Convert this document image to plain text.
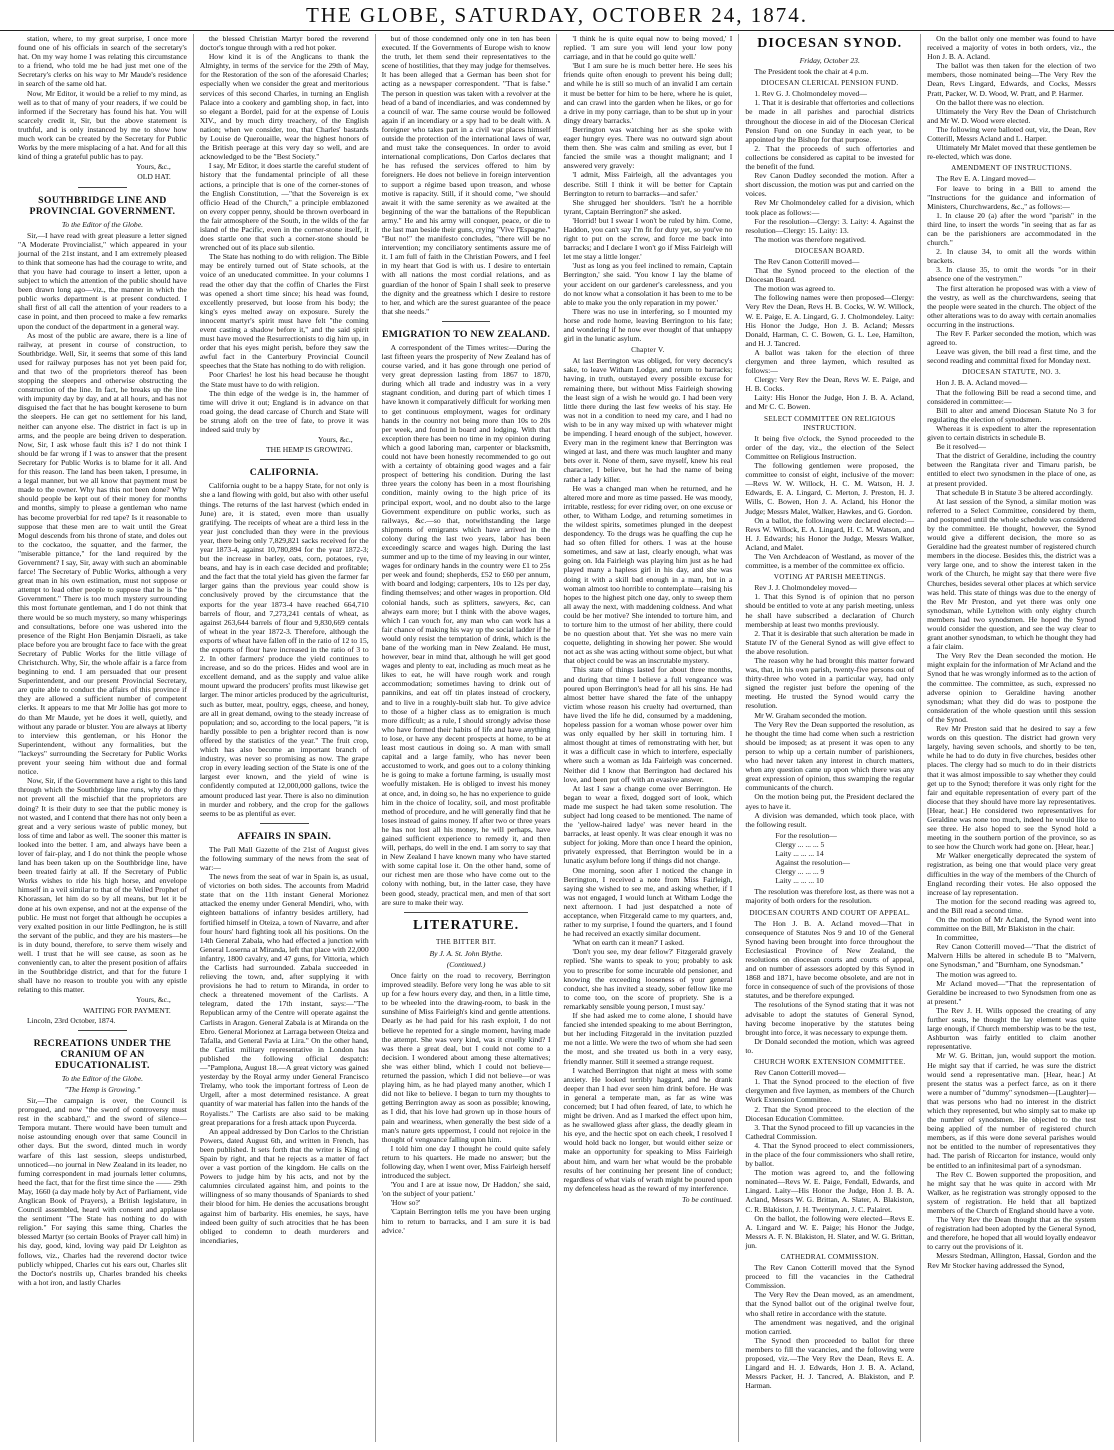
THE GLOBE, SATURDAY, OCTOBER 24, 1874.

station, where, to my great surprise, I once more found one of his officials in search of the secretary's hat. On my way home I was relating this circumstance to a friend, who told me he had just met one of the Secretary's clerks on his way to Mr Maude's residence in search of the same old hat.

Now, Mr Editor, it would be a relief to my mind, as well as to that of many of your readers, if we could be informed if the Secretary has found his hat. You will scarcely credit it, Sir, but the above statement is truthful, and is only instanced by me to show how much work can be created by the Secretary for Public Works by the mere misplacing of a hat. And for all this kind of thing a grateful public has to pay.

Yours, &c.,
OLD HAT.
SOUTHBRIDGE LINE AND PROVINCIAL GOVERNMENT.
To the Editor of the Globe.

Sir,—I have read with great pleasure a letter signed "A Moderate Provincialist," which appeared in your journal of the 21st instant, and I am extremely pleased to think that someone has had the courage to write, and that you have had courage to insert a letter, upon a subject to which the attention of the public should have been drawn long ago—viz., the manner in which the public works department is at present conducted. I shall first of all call the attention of your readers to a case in point, and then proceed to make a few remarks upon the conduct of the department in a general way.

As most of the public are aware, there is a line of railway, at present in course of construction, to Southbridge. Well, Sir, it seems that some of this land used for railway purposes has not yet been paid for, and that two of the proprietors thereof has been stopping the sleepers and otherwise obstructing the construction of the line. In fact, he breaks up the line with impunity day by day, and at all hours, and has not disguised the fact that he has bought kerosene to burn the sleepers. He can get no settlement for his land, neither can anyone else. The district in fact is up in arms, and the people are being driven to desperation. Now, Sir, I ask whose fault this is? I do not think I should be far wrong if I was to answer that the present Secretary for Public Works is to blame for it all. And for this reason. The land has been taken, I presume, in a legal manner, but we all know that payment must be made to the owner. Why has this not been done? Why should people be kept out of their money for months and months, simply to please a gentleman who name has become proverbial for red tape? Is it reasonable to suppose that these men are to wait until the Great Mogul descends from his throne of state, and doles out to the cockatoo, the squatter, and the farmer, the "miserable pittance," for the land required by the Government? I say, Sir, away with such an abominable farce! The Secretary of Public Works, although a very great man in his own estimation, must not suppose or attempt to lead other people to suppose that he is "the Government." There is too much mystery surrounding this most fortunate gentleman, and I do not think that there would be so much mystery, so many whisperings and consultations, before one was ushered into the presence of the Right Hon Benjamin Disraeli, as take place before you are brought face to face with the great Secretary of Public Works for the little village of Christchurch. Why, Sir, the whole affair is a farce from beginning to end. I am persuaded that our present Superintendent, and our present Provincial Secretary, are quite able to conduct the affairs of this province if they are allowed a sufficient number of competent clerks. It appears to me that Mr Jollie has got more to do than Mr Maude, yet he does it well, quietly, and without any parade or bluster. You are always at liberty to interview this gentleman, or his Honor the Superintendent, without any formalities, but the "lackeys" surrounding the Secretary for Public Works prevent your seeing him without due and formal notice.

Now, Sir, if the Government have a right to this land through which the Southbridge line runs, why do they not prevent all the mischief that the proprietors are doing? It is their duty to see that the public money is not wasted, and I contend that there has not only been a great and a very serious waste of public money, but loss of time and labor as well. The sooner this matter is looked into the better. I am, and always have been a lover of fair-play, and I do not think the people whose land has been taken up on the Southbridge line, have been treated fairly at all. If the Secretary of Public Works wishes to ride his high horse, and envelope himself in a veil similar to that of the Veiled Prophet of Khorassan, let him do so by all means, but let it be done at his own expense, and not at the expense of the public. He must not forget that although he occupies a very exalted position in our little Pedlington, he is still the servant of the public, and they are his masters—he is in duty bound, therefore, to serve them wisely and well. I trust that he will see cause, as soon as he conveniently can, to alter the present position of affairs in the Southbridge district, and that for the future I shall have no reason to trouble you with any epistle relating to this matter.

Yours, &c.,
WAITING FOR PAYMENT.

Lincoln, 23rd October, 1874.

RECREATIONS UNDER THE CRANIUM OF AN EDUCATIONALIST.
To the Editor of the Globe.
"The Hemp is Growing."

Sir,—The campaign is over, the Council is prorogued, and now "the sword of controversy must rest in the scabbard," and the sword of silence—Tempora mutant. There would have been tumult and noise astounding enough over that same Council in other days. But the sword, dinted much in wordy warfare of this last session, sleeps undisturbed, unnoticed—no journal in New Zealand in its leader, no fuming correspondent in mad journals letter columns, heed the fact, that for the first time since the —— 29th May, 1660 (a day made holy by Act of Parliament, vide Anglican Book of Prayers), a British legislature, in Council assembled, heard with consent and applause the sentiment "The State has nothing to do with religion." For saying this same thing, Charles the blessed Martyr (so certain Books of Prayer call him) in his day, good, kind, loving way paid Dr Leighton as follows, viz., Charles had the reverend doctor twice publicly whipped, Charles cut his ears out, Charles slit the Doctor's nostrils up, Charles branded his cheeks with a hot iron, and lastly Charles

the blessed Christian Martyr bored the reverend doctor's tongue through with a red hot poker.

How kind it is of the Anglicans to thank the Almighty, in terms of the service for the 29th of May, for the Restoration of the son of the aforesaid Charles; especially when we consider the great and meritorious services of this second Charles, in turning an English Palace into a cookery and gambling shop, in fact, into so elegant a Bordel, paid for at the expense of Louis XIV., and by much dirty treachery, of the English nation; when we consider, too, that Charles' bastards by Louise de Querouaille, wear the highest honors of the British peerage at this very day so well, and are acknowledged to be the "Best Society."

I say, Mr Editor, it does startle the careful student of history that the fundamental principle of all these actions, a principle that is one of the corner-stones of the English Constitution, —"that the Sovereign is ex officio Head of the Church," a principle emblazoned on every copper penny, should be thrown overboard in the fair atmosphere of the South, in the wilds of the far island of the Pacific, even in the corner-stone itself, it does startle one that such a corner-stone should be wrenched out of its place sub silentio.

The State has nothing to do with religion. The Bible may be entirely turned out of State schools, at the voice of an uneducated committee. In your columns I read the other day that the coffin of Charles the First was opened a short time since; his head was found, excellently preserved, but loose from his body; the king's eyes melted away on exposure. Surely the innocent martyr's spirit must have felt "the coming event casting a shadow before it," and the said spirit must have moved the Resurrectionists to dig him up, in order that his eyes might perish, before they saw the awful fact in the Canterbury Provincial Council speeches that the State has nothing to do with religion.

Poor Charles! he lost his head because he thought the State must have to do with religion.

The thin edge of the wedge is in, the hammer of time will drive it out; England is in advance on that road going, the dead carcase of Church and State will be strung aloft on the tree of fate, to prove it was indeed said truly by

Yours, &c.,
THE HEMP IS GROWING.
CALIFORNIA.

California ought to be a happy State, for not only is she a land flowing with gold, but also with other useful things. The returns of the last harvest (which ended in June) are, it is stated, even more than usually gratifying. The receipts of wheat are a third less in the year just concluded than they were in the previous year, there being only 7,829,821 sacks received for the year 1873-4, against 10,780,894 for the year 1872-3; but the increase in barley, oats, corn, potatoes, rye, beans, and hay is in each case decided and profitable; and the fact that the total yield has given the farmer far larger gains than the previous year could show is conclusively proved by the circumstance that the exports for the year 1873-4 have reached 664,710 barrels of flour, and 7,273,241 centals of wheat, as against 263,644 barrels of flour and 9,830,669 centals of wheat in the year 1872-3. Therefore, although the exports of wheat have fallen off in the ratio of 12 to 15, the exports of flour have increased in the ratio of 3 to 2. In other farmers' produce the yield continues to increase, and so do the prices. Hides and wool are in excellent demand, and as the supply and value alike mount upward the producers' profits must likewise get larger. The minor articles produced by the agriculturist, such as butter, meat, poultry, eggs, cheese, and honey, are all in great demand, owing to the steady increase of population; and so, according to the local papers, "it is hardly possible to pen a brighter record than is now offered by the statistics of the year." The fruit crop, which has also become an important branch of industry, was never so promising as now. The grape crop in every leading section of the State is one of the largest ever known, and the yield of wine is confidently computed at 12,000,000 gallons, twice the amount produced last year. There is also no diminution in murder and robbery, and the crop for the gallows seems to be as plentiful as ever.

AFFAIRS IN SPAIN.

The Pall Mall Gazette of the 21st of August gives the following summary of the news from the seat of war:—

The news from the seat of war in Spain is, as usual, of victories on both sides. The accounts from Madrid state that on the 11th instant General Morionez attacked the enemy under General Mendiri, who, with eighteen battalions of infantry besides artillery, had fortified himself in Oteiza, a town of Navarre, and after four hours' hard fighting took all his positions. On the 14th General Zabala, who had effected a junction with General Loserna at Miranda, left that place with 22,000 infantry, 1800 cavalry, and 47 guns, for Vittoria, which the Carlists had surrounded. Zabala succeeded in relieving the town, and, after supplying it with provisions he had to return to Miranda, in order to check a threatened movement of the Carlists. A telegram, dated the 17th instant, says:—"The Republican army of the Centre will operate against the Carlists in Aragon. General Zabala is at Miranda on the Ebro. General Morionez at Larraga between Oteiza and Tafalla, and General Pavia at Lira." On the other hand, the Carlist military representative in London has published the following official despatch:—"Pamplona, August 18.—A great victory was gained yesterday by the Royal army under General Francisco Trelamy, who took the important fortress of Leon de Urgell, after a most determined resistance. A great quantity of war material has fallen into the hands of the Royalists." The Carlists are also said to be making great preparations for a fresh attack upon Puycerda.

An appeal addressed by Don Carlos to the Christian Powers, dated August 6th, and written in French, has been published. It sets forth that the writer is King of Spain by right, and that he rejects as a matter of fact over a vast portion of the kingdom. He calls on the Powers to judge him by his acts, and not by the calumnies circulated against him, and points to the willingness of so many thousands of Spaniards to shed their blood for him. He denies the accusations brought against him of barbarity. His enemies, he says, have indeed been guilty of such atrocities that he has been obliged to condemn to death murderers and incendiaries,

but of those condemned only one in ten has been executed. If the Governments of Europe wish to know the truth, let them send their representatives to the scene of hostilities, that they may judge for themselves. It has been alleged that a German has been shot for acting as a newspaper correspondent. "That is false." The person in question was taken with a revolver at the head of a band of incendiaries, and was condemned by a council of war. The same course would be followed again if an incendiary or a spy had to be dealt with. A foreigner who takes part in a civil war places himself outside the protection of the international laws of war, and must take the consequences. In order to avoid international complications, Don Carlos declares that he has refused the services offered to him by foreigners. He does not believe in foreign intervention to support a régime based upon treason, and whose motive is rapacity. Still, if it should come, "we should await it with the same serenity as we awaited at the beginning of the war the battalions of the Republican army." He and his army will conquer, peace, or die to the last man beside their guns, crying "Vive l'Espagne." "But no!" the manifesto concludes, "there will be no intervention; my conciliatory sentiments assure me of it. I am full of faith in the Christian Powers, and I feel in my heart that God is with us. I desire to entertain with all nations the most cordial relations, and as guardian of the honor of Spain I shall seek to preserve the dignity and the greatness which I desire to restore to her, and which are the surest guarantee of the peace that she needs."

EMIGRATION TO NEW ZEALAND.

A correspondent of the Times writes:—During the last fifteen years the prosperity of New Zealand has of course varied, and it has gone through one period of very great depression lasting from 1867 to 1870, during which all trade and industry was in a very stagnant condition, and during part of which times I have known it comparatively difficult for working men to get continuous employment, wages for ordinary hands in the country not being more than 10s to 20s per week, and found in board and lodging. With that exception there has been no time in my opinion during which a good laboring man, carpenter or blacksmith, could not have been honestly recommended to go out with a certainty of obtaining good wages and a fair prospect of bettering his condition. During the last three years the colony has been in a most flourishing condition, mainly owing to the high price of its principal export, wool, and no doubt also to the large Government expenditure on public works, such as railways, &c.—so that, notwithstanding the large shipments of emigrants which have arrived in the colony during the last two years, labor has been exceedingly scarce and wages high. During the last summer and up to the time of my leaving in our winter, wages for ordinary hands in the country were £1 to 25s per week and found; shepherds, £52 to £60 per annum, with board and lodging; carpenters, 10s to 12s per day, finding themselves; and other wages in proportion. Old colonial hands, such as splitters, sawyers, &c, can always earn more; but I think with the above wages, which I can vouch for, any man who can work has a fair chance of making his way up the social ladder if he would only resist the temptation of drink, which is the bane of the working man in New Zealand. He must, however, bear in mind that, although he will get good wages and plenty to eat, including as much meat as he likes to eat, he will have rough work and rough accommodation; sometimes having to drink out of pannikins, and eat off tin plates instead of crockery, and to live in a roughly-built slab hut. To give advice to those of a higher class as to emigration is much more difficult; as a rule, I should strongly advise those who have formed their habits of life and have anything to lose, or have any decent prospects at home, to be at least most cautious in doing so. A man with small capital and a large family, who has never been accustomed to work, and goes out to a colony thinking he is going to make a fortune farming, is usually most woefully mistaken. He is obliged to invest his money at once, and, in doing so, he has no experience to guide him in the choice of locality, soil, and most profitable method of procedure, and he will generally find that he loses instead of gains money. If after two or three years he has not lost all his money, he will perhaps, have gained sufficient experience to remedy it, and then will, perhaps, do well in the end. I am sorry to say that in New Zealand I have known many who have started with some capital lose it. On the other hand, some of our richest men are those who have come out to the colony with nothing, but, in the latter case, they have been good, steady, practical men, and men of that sort are sure to make their way.

LITERATURE.
THE BITTER BIT.
By J. A. St. John Blythe.
(Continued.)

Once fairly on the road to recovery, Berrington improved steadily. Before very long he was able to sit up for a few hours every day, and then, in a little time, to be wheeled into the drawing-room, to bask in the sunshine of Miss Fairleigh's kind and gentle attentions. Dearly as he had paid for his rash exploit, I do not believe he repented for a single moment, having made the attempt. She was very kind, was it cruelly kind? I was there a great deal, but I could not come to a decision. I wondered about among these alternatives; she was either blind, which I could not believe—returned the passion, which I did not believe—or was playing him, as he had played many another, which I did not like to believe. I began to turn my thoughts to getting Berrington away as soon as possible; knowing, as I did, that his love had grown up in those hours of pain and weariness, when generally the best side of a man's nature gets uppermost, I could not rejoice in the thought of vengeance falling upon him.

I told him one day I thought he could quite safely return to his quarters. He made no answer; but the following day, when I went over, Miss Fairleigh herself introduced the subject.

'You and I are at issue now, Dr Haddon,' she said, 'on the subject of your patient.'

'How so?'

'Captain Berrington tells me you have been urging him to return to barracks, and I am sure it is bad advice.'

'I think he is quite equal now to being moved,' I replied. 'I am sure you will lend your low pony carriage, and in that he could go quite well.'

'But I am sure he is much better here. He sees his friends quite often enough to prevent his being dull; and while he is still so much of an invalid I am certain it must be better for him to be here, where he is quiet, and can crawl into the garden when he likes, or go for a drive in my pony carriage, than to be shut up in your dingy dreary barracks.'

Berrington was watching her as she spoke with eager hungry eyes. There was no outward sign about them then. She was calm and smiling as ever, but I fancied the smile was a thought malignant; and I answered very gravely:

'I admit, Miss Fairleigh, all the advantages you describe. Still I think it will be better for Captain Berrington to return to barracks—and safer.'

She shrugged her shoulders. 'Isn't he a horrible tyrant, Captain Berrington?' she asked.

'Horrid! but I swear I won't be ruled by him. Come, Haddon, you can't say I'm fit for duty yet, so you've no right to put on the screw, and force me back into barracks; and I declare I won't go if Miss Fairleigh will let me stay a little longer.'

'Just as long as you feel inclined to remain, Captain Berrington,' she said. 'You know I lay the blame of your accident on our gardener's carelessness, and you do not know what a consolation it has been to me to be able to make you the only reparation in my power.'

There was no use in interfering, so I mounted my horse and rode home, leaving Berrington to his fate; and wondering if he now ever thought of that unhappy girl in the lunatic asylum.

Chapter V.

At last Berrington was obliged, for very decency's sake, to leave Witham Lodge, and return to barracks; having, in truth, outstayed every possible excuse for remaining there, but without Miss Fairleigh showing the least sign of a wish he would go. I had been very little there during the last few weeks of his stay. He was not in a condition to need my care, and I had no wish to be in any way mixed up with whatever might be impending. I heard enough of the subject, however. Every man in the regiment knew that Berrington was winged at last, and there was much laughter and many bets over it. None of them, save myself, knew his real character, I believe, but he had the name of being rather a lady killer.

He was a changed man when he returned, and he altered more and more as time passed. He was moody, irritable, restless; for ever riding over, on one excuse or other, to Witham Lodge, and returning sometimes in the wildest spirits, sometimes plunged in the deepest despondency. To the drugs was he quaffing the cup he had so often filled for others. I was at the house sometimes, and saw at last, clearly enough, what was going on. Ida Fairleigh was playing him just as he had played many a hapless girl in his day, and she was doing it with a skill bad enough in a man, but in a woman almost too horrible to contemplate—raising his hopes to the highest pitch one day, only to sweep them all away the next, with maddening coldness. And what could be her motive? She intended to torture him, and to torture him to the utmost of her ability, there could be no question about that. Yet she was no mere vain coquette, delighting in showing her power. She would not act as she was acting without some object, but what that object could be was an inscrutable mystery.

This state of things lasted for about three months, and during that time I believe a full vengeance was poured upon Berrington's head for all his sins. He had almost better have shared the fate of the unhappy victim whose reason his cruelty had overturned, than have lived the life he did, consumed by a maddening, hopeless passion for a woman whose power over him was only equalled by her skill in torturing him. I almost thought at times of remonstrating with her, but it was a difficult case in which to interfere, especially where such a woman as Ida Fairleigh was concerned. Neither did I know that Berrington had declared his love, and been put off with an evasive answer.

At last I saw a change come over Berrington. He began to wear a fixed, dogged sort of look, which made me suspect he had taken some resolution. The subject had long ceased to be mentioned. The name of the 'yellow-haired ladye' was never heard in the barracks, at least openly. It was clear enough it was no subject for joking. More than once I heard the opinion, privately expressed, that Berrington would be in a lunatic asylum before long if things did not change.

One morning, soon after I noticed the change in Berrington, I received a note from Miss Fairleigh, saying she wished to see me, and asking whether, if I was not engaged, I would lunch at Witham Lodge the next afternoon. I had just despatched a note of acceptance, when Fitzgerald came to my quarters, and, rather to my surprise, I found the quarters, and I found he had received an exactly similar document.

'What on earth can it mean?' I asked.

'Don't you see, my dear fellow?' Fitzgerald gravely replied. 'She wants to speak to you; probably to ask you to prescribe for some incurable old pensioner, and knowing the exceeding looseness of your general conduct, she has invited a steady, sober fellow like me to come too, on the score of propriety. She is a remarkably sensible young person, I must say.'

If she had asked me to come alone, I should have fancied she intended speaking to me about Berrington, but her including Fitzgerald in the invitation puzzled me not a little. We were the two of whom she had seen the most, and she treated us both in a very easy, friendly manner. Still it seemed a strange request.

I watched Berrington that night at mess with some anxiety. He looked terribly haggard, and he drank deeper than I had ever seen him drink before. He was in general a temperate man, as far as wine was concerned; but I had often feared, of late, to which he might be driven. And as I marked the effect upon him, as he swallowed glass after glass, the deadly gleam in his eye, and the hectic spot on each cheek, I resolved I would hold back no longer, but would either seize or make an opportunity for speaking to Miss Fairleigh about him, and warn her what would be the probable results of her continuing her present line of conduct; regardless of what vials of wrath might be poured upon my defenceless head as the reward of my interference.

To be continued.
DIOCESAN SYNOD.
Friday, October 23.

The President took the chair at 4 p.m.

DIOCESAN CLERICAL PENSION FUND.

1. Rev G. J. Cholmondeley moved—

1. That it is desirable that offertories and collections be made in all parishes and parochial districts throughout the diocese in aid of the Diocesan Clerical Pension Fund on one Sunday in each year, to be appointed by the Bishop for that purpose.

2. That the proceeds of such offertories and collections be considered as capital to be invested for the benefit of the fund.

Rev Canon Dudley seconded the motion. After a short discussion, the motion was put and carried on the voices.

Rev Mr Cholmondeley called for a division, which took place as follows:—

For the resolution—Clergy: 3. Laity: 4. Against the resolution—Clergy: 15. Laity: 13.

The motion was therefore negatived.

DIOCESAN BOARD.

The Rev Canon Cotterill moved—

That the Synod proceed to the election of the Diocesan Board.

The motion was agreed to.

The following names were then proposed—Clergy: Very Rev the Dean, Revs H. B. Cocks, W. W. Willock, W. E. Paige, E. A. Lingard, G. J. Cholmondeley. Laity: His Honor the Judge, Hon J. B. Acland; Messrs Donald, Harman, C. C. Bowen, G. L. Lee, Hamilton, and H. J. Tancred.

A ballot was taken for the election of three clergymen and three laymen, which resulted as follows:—

Clergy: Very Rev the Dean, Revs W. E. Paige, and H. B. Cocks.

Laity: His Honor the Judge, Hon J. B. A. Acland, and Mr C. C. Bowen.

SELECT COMMITTEE ON RELIGIOUS INSTRUCTION.

It being five o'clock, the Synod proceeded to the order of the day, viz., the election of the Select Committee on Religious Instruction.

The following gentlemen were proposed, the committee to consist of eight, inclusive of the mover:—Revs W. W. Willock, H. C. M. Watson, H. J. Edwards, E. A. Lingard, C. Merton, J. Preston, H. J. Wills, C. Bowen, Hon J. A. Acland, his Honor the Judge; Messrs Malet, Walker, Hawkes, and G. Gordon.

On a ballot, the following were declared elected:—Revs W. Willock, E. A. Lingard, H. C. M. Watson, and H. J. Edwards; his Honor the Judge, Messrs Walker, Acland, and Malet.

The Ven Archdeacon of Westland, as mover of the committee, is a member of the committee ex officio.

VOTING AT PARISH MEETINGS.

Rev J. J. Cholmondeley moved—

1. That this Synod is of opinion that no person should be entitled to vote at any parish meeting, unless he shall have subscribed a declaration of Church membership at least two months previously.

2. That it is desirable that such alteration be made in Statute IV of the General Synod as will give effect to the above resolution.

The reason why he had brought this matter forward was, that, in his own parish, twenty-five persons out of thirty-three who voted in a particular way, had only signed the register just before the opening of the meeting. He trusted the Synod would carry the resolution.

Mr W. Graham seconded the motion.

The Very Rev the Dean supported the resolution, as he thought the time had come when such a restriction should be imposed; as at present it was open to any person to whip up a certain number of parishioners, who had never taken any interest in church matters, when any question came up upon which there was any great expression of opinion, thus swamping the regular communicants of the church.

On the motion being put, the President declared the ayes to have it.

A division was demanded, which took place, with the following result.

For the resolution—
Clergy ... ... ... 5
Laity ... ... ... 14
Against the resolution—
Clergy ... ... ... 9
Laity ... ... ... 10

The resolution was therefore lost, as there was not a majority of both orders for the resolution.

DIOCESAN COURTS AND COURT OF APPEAL.

The Hon J. B. A. Acland moved—That in consequence of Statutes Nos 9 and 10 of the General Synod having been brought into force throughout the Ecclesiastical Province of New Zealand, the resolutions on diocesan courts and courts of appeal, and on number of assessors adopted by this Synod in 1868 and 1871, have become obsolete, and are not in force in consequence of such of the provisions of those statutes, and be therefore expunged.

The resolutions of the Synod stating that it was not advisable to adopt the statutes of General Synod, having become inoperative by the statutes being brought into force, it was necessary to expunge them.

Dr Donald seconded the motion, which was agreed to.

CHURCH WORK EXTENSION COMMITTEE.

Rev Canon Cotterill moved—

1. That the Synod proceed to the election of five clergymen and five laymen, as members of the Church Work Extension Committee.

2. That the Synod proceed to the election of the Diocesan Education Committee.

3. That the Synod proceed to fill up vacancies in the Cathedral Commission.

4. That the Synod proceed to elect commissioners, in the place of the four commissioners who shall retire, by ballot.

The motion was agreed to, and the following nominated—Revs W. E. Paige, Fendall, Edwards, and Lingard. Laity—His Honor the Judge, Hon J. B. A. Acland, Messrs W. G. Brittan, A. Slater, A. Blakiston, C. R. Blakiston, J. H. Twentyman, J. C. Palairet.

On the ballot, the following were elected—Revs E. A. Lingard and W. E. Paige; his Honor the Judge, Messrs A. F. N. Blakiston, H. Slater, and W. G. Brittan, jun.

CATHEDRAL COMMISSION.

The Rev Canon Cotterill moved that the Synod proceed to fill the vacancies in the Cathedral Commission.

The Very Rev the Dean moved, as an amendment, that the Synod ballot out of the original twelve four, who shall retire in accordance with the statute.

The amendment was negatived, and the original motion carried.

The Synod then proceeded to ballot for three members to fill the vacancies, and the following were proposed, viz.—The Very Rev the Dean, Revs E. A. Lingard and H. J. Edwards, Hon J. B. A. Acland, Messrs Packer, H. J. Tancred, A. Blakiston, and P. Harman.

On the ballot only one member was found to have received a majority of votes in both orders, viz., the Hon J. B. A. Acland.

The ballot was then taken for the election of two members, those nominated being—The Very Rev the Dean, Revs Lingard, Edwards, and Cocks, Messrs Pratt, Packer, W. D. Wood, W. Pratt, and P. Harmer.

On the ballot there was no election.

Ultimately the Very Rev the Dean of Christchurch and Mr W. D. Wood were elected.

The following were balloted out, viz, the Dean, Rev Cotterill, Messrs Acland and L. Harper.

Ultimately Mr Malet moved that these gentlemen be re-elected, which was done.

AMENDMENT OF INSTRUCTIONS.

The Rev E. A. Lingard moved—

For leave to bring in a Bill to amend the "Instructions for the guidance and information of Ministers, Churchwardens, &c.," as follows:—

1. In clause 20 (a) after the word "parish" in the third line, to insert the words "in seeing that as far as can be the parishioners are accommodated in the church."

2. In clause 34, to omit all the words within brackets.

3. In clause 35, to omit the words "or in their absence one of the vestrymen."

The first alteration he proposed was with a view of the vestry, as well as the churchwardens, seeing that the people were seated in the church. The object of the other alterations was to do away with certain anomalies occurring in the instructions.

The Rev F. Parker seconded the motion, which was agreed to.

Leave was given, the bill read a first time, and the second reading and committal fixed for Monday next.

DIOCESAN STATUTE, NO. 3.

Hon J. B. A. Acland moved—

That the following Bill be read a second time, and considered in committee:—

Bill to alter and amend Diocesan Statute No 3 for regulating the election of synodsmen.

Whereas it is expedient to alter the representation given to certain districts in schedule B.

Be it resolved—

That the district of Geraldine, including the country between the Rangitata river and Timaru parish, be entitled to elect two synodsmen in the place of one, as at present provided.

That schedule B in Statute 3 be altered accordingly.

At last session of the Synod, a similar motion was referred to a Select Committee, considered by them, and postponed until the whole schedule was considered by the committee. He thought, however, the Synod would give a different decision, the more so as Geraldine had the greatest number of registered church members in the diocese. Besides this, the district was a very large one, and to show the interest taken in the work of the Church, he might say that there were five Churches, besides several other places at which service was held. This state of things was due to the energy of the Rev Mr Preston, and yet there was only one synodsman, while Lyttelton with only eighty church members had two synodsmen. He hoped the Synod would consider the question, and see the way clear to grant another synodsman, to which he thought they had a fair claim.

The Very Rev the Dean seconded the motion. He might explain for the information of Mr Acland and the Synod that he was wrongly informed as to the action of the committee. The committee, as such, expressed no adverse opinion to Geraldine having another synodsman; what they did do was to postpone the consideration of the whole question until this session of the Synod.

Rev Mr Preston said that he desired to say a few words on this question. The district had grown very largely, having seven schools, and shortly to be ten, while he had to do duty in five churches, besides other places. The clergy had so much to do in their districts that it was almost impossible to say whether they could get up to the Synod; therefore it was only right for the fair and equitable representation of every part of the diocese that they should have more lay representatives. [Hear, hear.] He considered two representatives for Geraldine was none too much, indeed he would like to see three. He also hoped to see the Synod hold a meeting in the southern portion of the province, so as to see how the Church work had gone on. [Hear, hear.]

Mr Walker energetically deprecated the system of registration, as being one that would place very great difficulties in the way of the members of the Church of England recording their votes. He also opposed the increase of lay representation.

The motion for the second reading was agreed to, and the Bill read a second time.

On the motion of Mr Acland, the Synod went into committee on the Bill, Mr Blakiston in the chair.

In committee,

Rev Canon Cotterill moved—"That the district of Malvern Hills be altered in schedule B to "Malvern, one Synodsman," and "Burnham, one Synodsman."

The motion was agreed to.

Mr Acland moved—"That the representation of Geraldine be increased to two Synodsmen from one as at present."

The Rev J. H. Wills opposed the creating of any further seats, he thought the lay element was quite large enough, if Church membership was to be the test, Ashburton was fairly entitled to claim another representative.

Mr W. G. Brittan, jun, would support the motion. He might say that if carried, he was sure the district would send a representative man. [Hear, hear.] At present the status was a perfect farce, as on it there were a number of "dummy" synodsmen—[Laughter]—that was persons who had no interest in the district which they represented, but who simply sat to make up the number of synodsmen. He objected to the test being applied of the number of registered church members, as if this were done several parishes would not be entitled to the number of representatives they had. The parish of Riccarton for instance, would only be entitled to an infinitesimal part of a synodsman.

The Rev C. Bowen supported the proposition, and he might say that he was quite in accord with Mr Walker, as he registration was strongly opposed to the system of registration. He held that all baptized members of the Church of England should have a vote.

The Very Rev the Dean thought that as the system of registration had been adopted by the General Synod, and therefore, he hoped that all would loyally endeavor to carry out the provisions of it.

Messrs Stedman, Allington, Hassal, Gordon and the Rev Mr Stocker having addressed the Synod,
